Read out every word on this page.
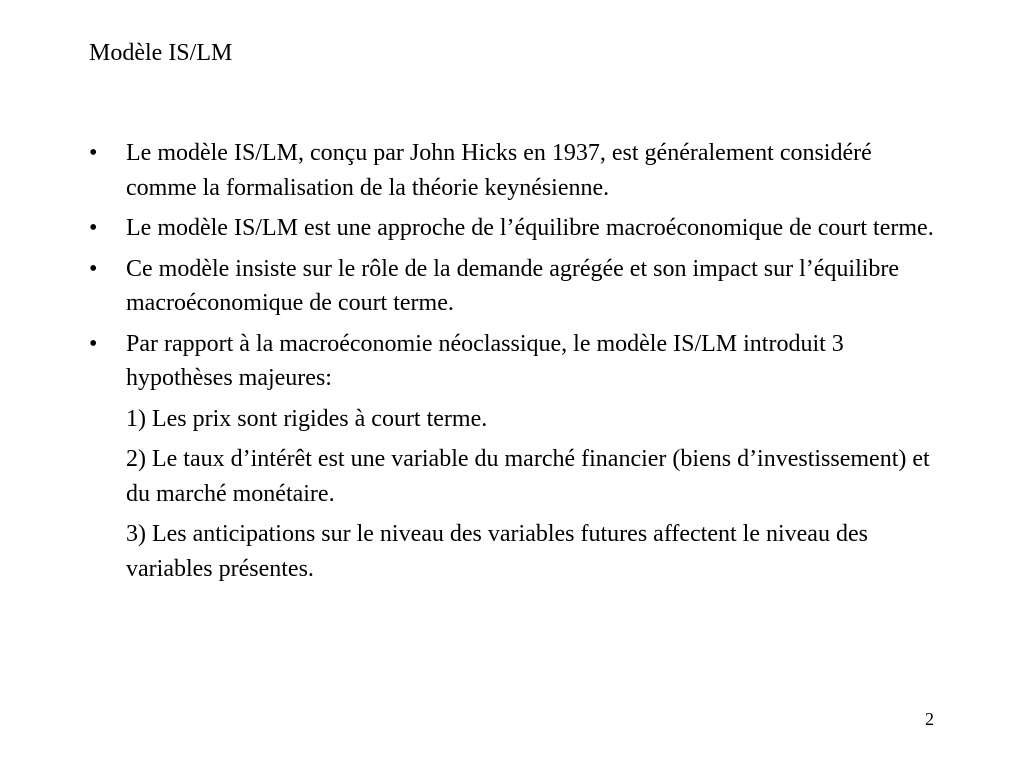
Modèle IS/LM
• Le modèle IS/LM, conçu par John Hicks en 1937, est généralement considéré comme la formalisation de la théorie keynésienne.
• Le modèle IS/LM est une approche de l’équilibre macroéconomique de court terme.
• Ce modèle insiste sur le rôle de la demande agrégée et son impact sur l’équilibre macroéconomique de court terme.
• Par rapport à la macroéconomie néoclassique, le modèle IS/LM introduit 3 hypothèses majeures:
1) Les prix sont rigides à court terme.
2) Le taux d’intérêt est une variable du marché financier (biens d’investissement) et du marché monétaire.
3) Les anticipations sur le niveau des variables futures affectent le niveau des variables présentes.
2
